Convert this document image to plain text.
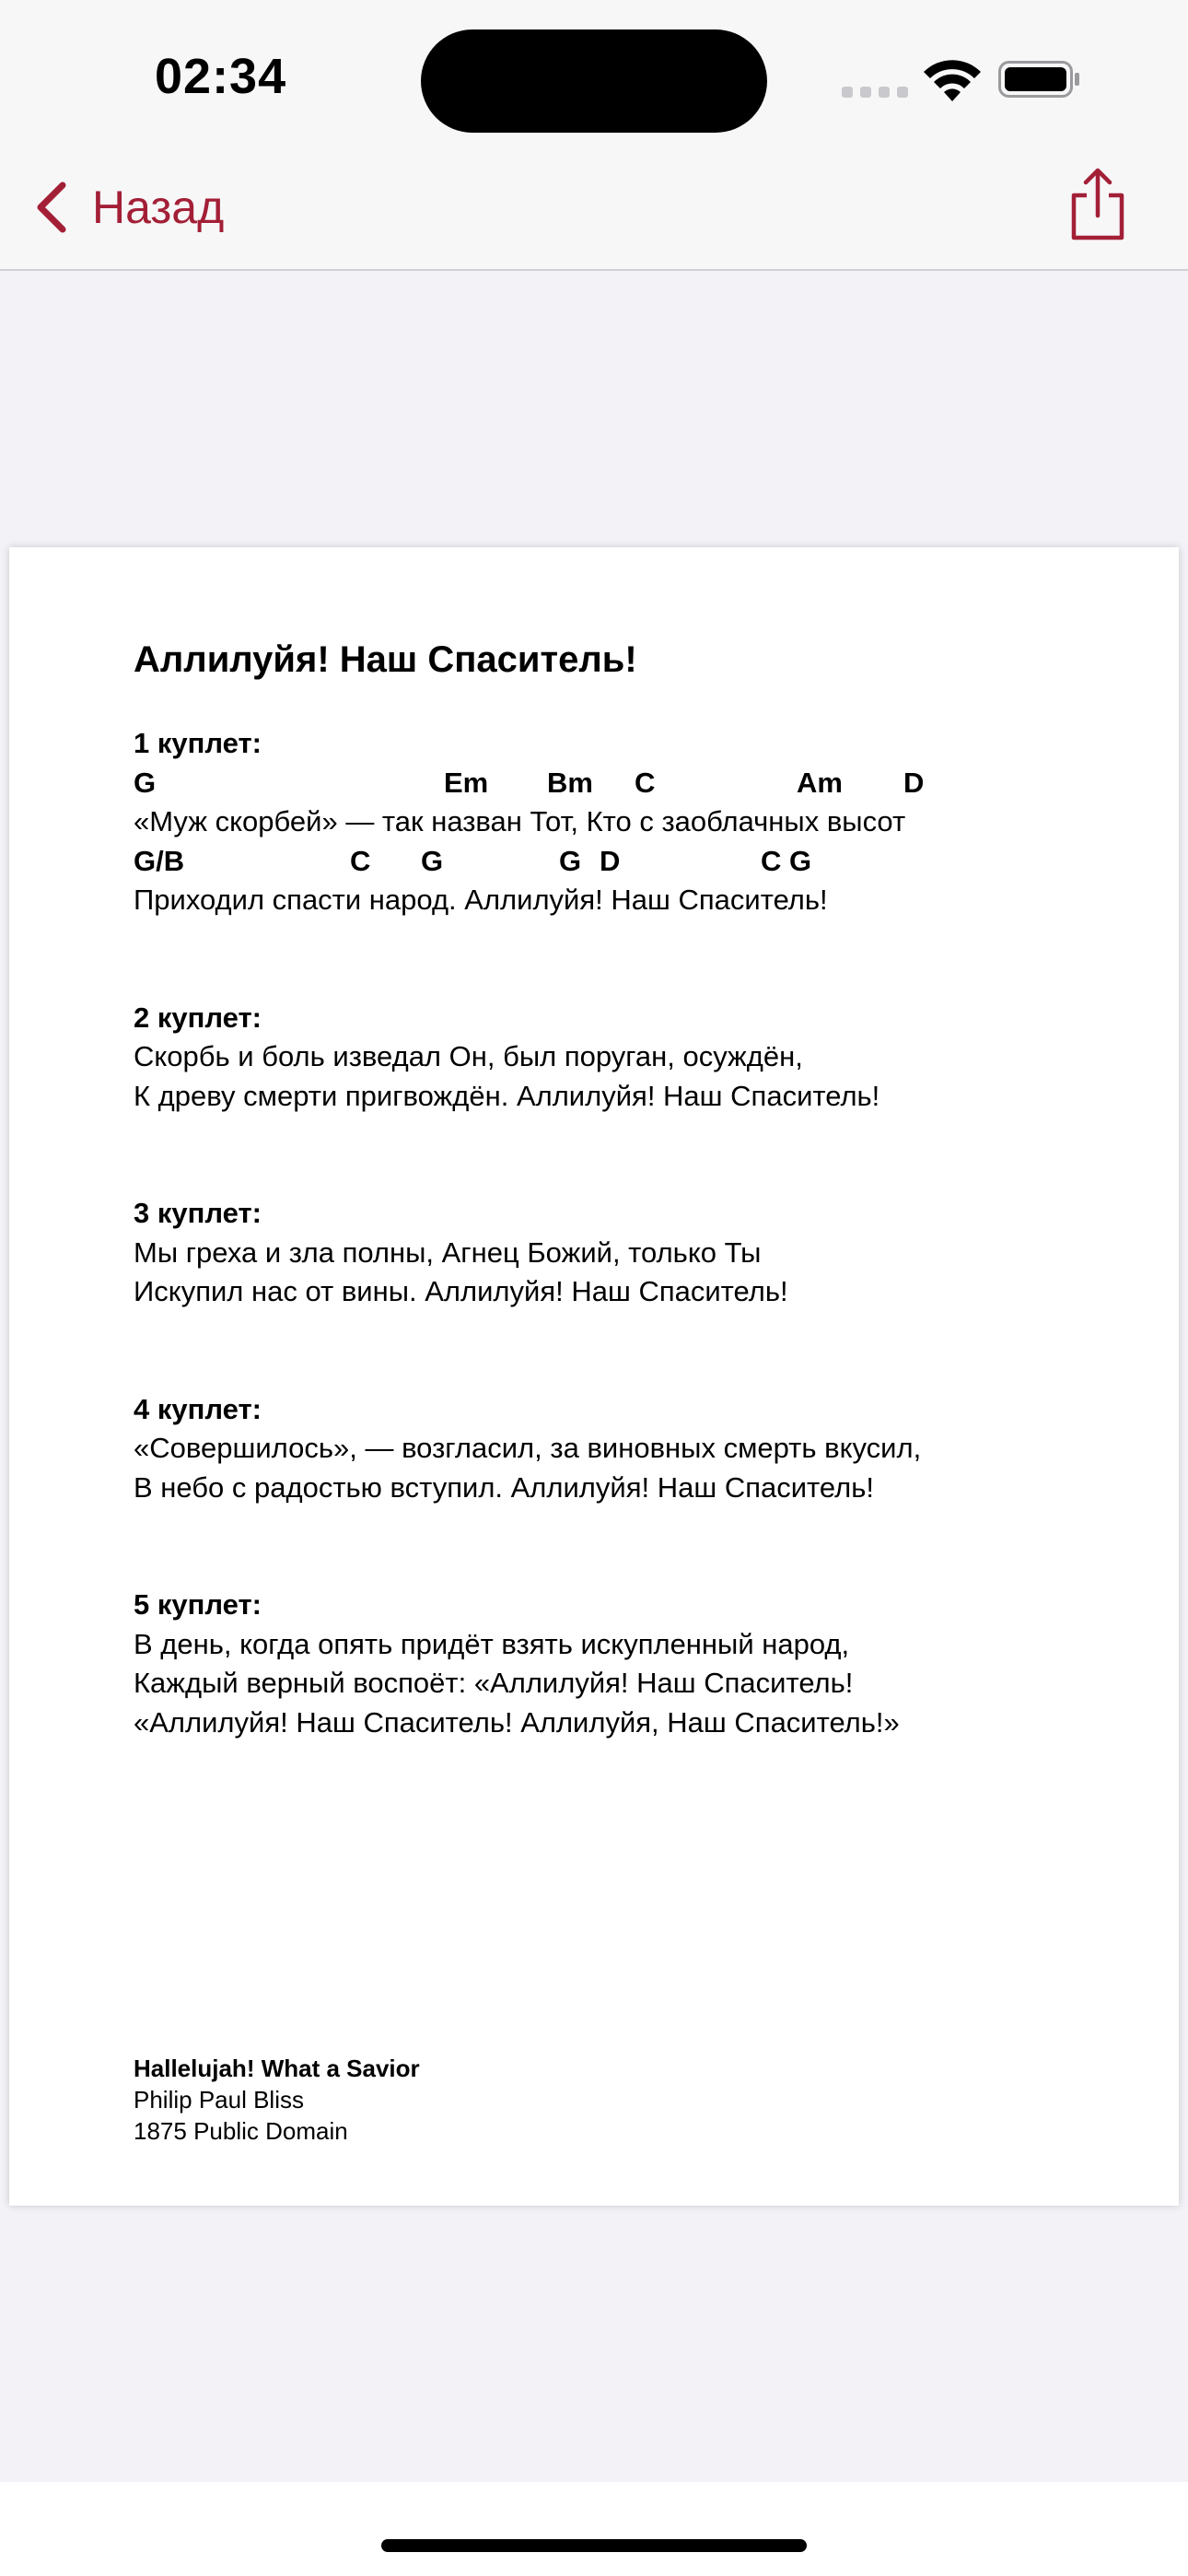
02:34
Назад
Аллилуйя! Наш Спаситель!
1 куплет:
G	Em Bm C	Am D
«Муж скорбей» — так назван Тот, Кто с заоблачных высот
G/B	C G	G D	C G
Приходил спасти народ. Аллилуйя! Наш Спаситель!
2 куплет:
Скорбь и боль изведал Он, был поруган, осуждён,
К древу смерти пригвождён. Аллилуйя! Наш Спаситель!
3 куплет:
Мы греха и зла полны, Агнец Божий, только Ты
Искупил нас от вины. Аллилуйя! Наш Спаситель!
4 куплет:
«Совершилось», — возгласил, за виновных смерть вкусил,
В небо с радостью вступил. Аллилуйя! Наш Спаситель!
5 куплет:
В день, когда опять придёт взять искупленный народ,
Каждый верный воспоёт: «Аллилуйя! Наш Спаситель!
«Аллилуйя! Наш Спаситель! Аллилуйя, Наш Спаситель!»
Hallelujah! What a Savior
Philip Paul Bliss
1875 Public Domain
